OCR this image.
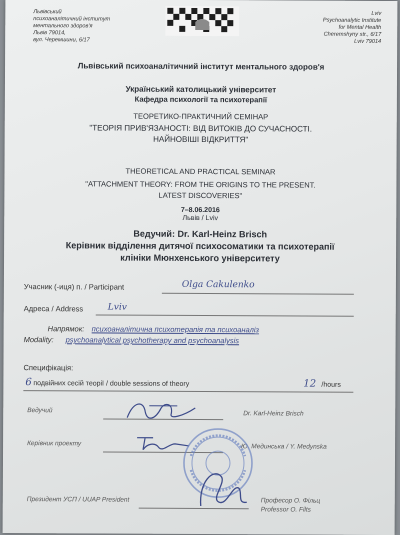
Львівський
психоаналітичний інститут
ментального здоров'я
Львів 79014,
вул. Черемшини, 6/17
Lviv
Psychoanalytic Institute
for Mental Health
Cheremshyny str., 6/17
Lviv 79014
Львівський психоаналітичний інститут ментального здоров'я
Український католицький університет
Кафедра психології та психотерапії
ТЕОРЕТИКО-ПРАКТИЧНИЙ СЕМІНАР
"ТЕОРІЯ ПРИВ'ЯЗАНОСТІ: ВІД ВИТОКІВ ДО СУЧАСНОСТІ.
НАЙНОВІШІ ВІДКРИТТЯ"
THEORETICAL AND PRACTICAL SEMINAR
"ATTACHMENT THEORY: FROM THE ORIGINS TO THE PRESENT.
LATEST DISCOVERIES"
7–8.06.2016
Львів / Lviv
Ведучий: Dr. Karl-Heinz Brisch
Керівник відділення дитячої психосоматики та психотерапії
клініки Мюнхенського університету
Учасник (-иця) п. / Participant	Olga Cakulenko
Адреса / Address	Lviv
Напрямок: психоаналітична психотерапія та психоаналіз
Modality: psychoanalytical psychotherapy and psychoanalysis
Специфікація:
6 подвійних сесій теорії / double sessions of theory	12 /hours
Ведучий	Dr. Karl-Heinz Brisch
Керівник проекту	Ю. Мединська / Y. Medynska
Президент УСП / UUAP President	Професор О. Фільц
Professor O. Filts
